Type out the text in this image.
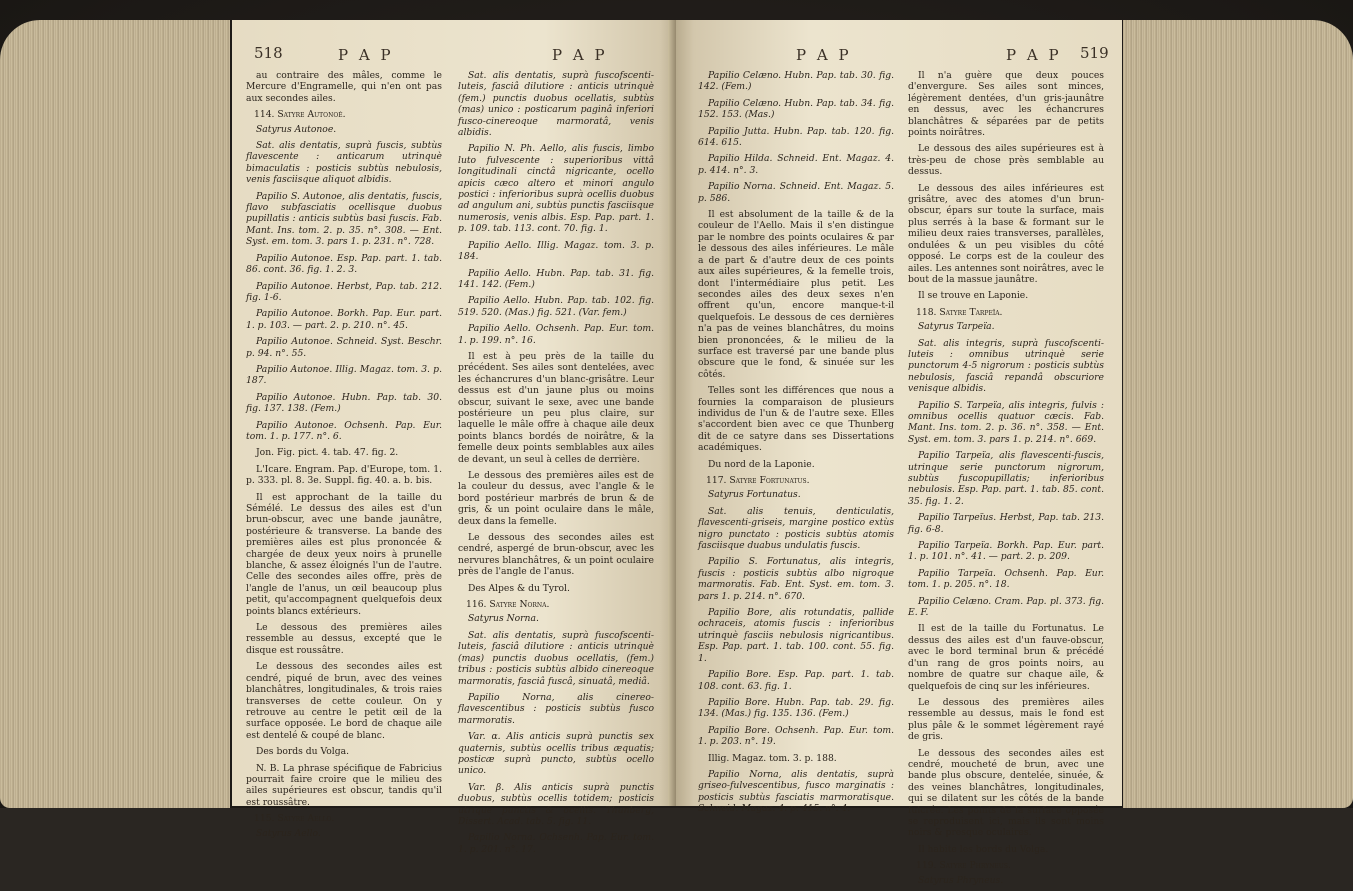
518	P A P	P A P

au contraire des mâles, comme le Mercure d'Engramelle, qui n'en ont pas aux secondes ailes.

114. Satyre Autonoé.

Satyrus Autonoe.

Sat. alis dentatis, suprà fuscis, subtùs flavescente : anticarum utrinquè bimaculatis : posticis subtùs nebulosis, venis fasciisque aliquot albidis.

Papilio S. Autonoe, alis dentatis, fuscis, flavo subfasciatis ocellisque duobus pupillatis : anticis subtùs basi fuscis. Fab. Mant. Ins. tom. 2. p. 35. n°. 308. — Ent. Syst. em. tom. 3. pars 1. p. 231. n°. 728.

Papilio Autonoe. Esp. Pap. part. 1. tab. 86. cont. 36. fig. 1. 2. 3.

Papilio Autonoe. Herbst, Pap. tab. 212. fig. 1-6.

Papilio Autonoe. Borkh. Pap. Eur. part. 1. p. 103. — part. 2. p. 210. n°. 45.

Papilio Autonoe. Schneid. Syst. Beschr. p. 94. n°. 55.

Papilio Autonoe. Illig. Magaz. tom. 3. p. 187.

Papilio Autonoe. Hubn. Pap. tab. 30. fig. 137. 138. (Fem.)

Papilio Autonoe. Ochsenh. Pap. Eur. tom. 1. p. 177. n°. 6.

Jon. Fig. pict. 4. tab. 47. fig. 2.

L'Icare. Engram. Pap. d'Europe, tom. 1. p. 333. pl. 8. 3e. Suppl. fig. 40. a. b. bis.

Il est approchant de la taille du Sémélé. Le dessus des ailes est d'un brun-obscur, avec une bande jaunâtre, postérieure & transverse. La bande des premières ailes est plus prononcée & chargée de deux yeux noirs à prunelle blanche, & assez éloignés l'un de l'autre. Celle des secondes ailes offre, près de l'angle de l'anus, un œil beaucoup plus petit, qu'accompagnent quelquefois deux points blancs extérieurs.

Le dessous des premières ailes ressemble au dessus, excepté que le disque est roussâtre.

Le dessous des secondes ailes est cendré, piqué de brun, avec des veines blanchâtres, longitudinales, & trois raies transverses de cette couleur. On y retrouve au centre le petit œil de la surface opposée. Le bord de chaque aile est dentelé & coupé de blanc.

Des bords du Volga.

N. B. La phrase spécifique de Fabricius pourrait faire croire que le milieu des ailes supérieures est obscur, tandis qu'il est roussâtre.

115. Satyre Aello.

Satyrus Aello.

Sat. alis dentatis, suprà fuscofscenti-luteis, fasciâ dilutiore : anticis utrinquè (fem.) punctis duobus ocellatis, subtùs (mas) unico : posticarum paginâ inferiori fusco-cinereoque marmoratâ, venis albidis.

Papilio N. Ph. Aello, alis fuscis, limbo luto fulvescente : superioribus vittâ longitudinali cinctâ nigricante, ocello apicis cæco altero et minori angulo postici : inferioribus suprà ocellis duobus ad angulum ani, subtùs punctis fasciisque numerosis, venis albis. Esp. Pap. part. 1. p. 109. tab. 113. cont. 70. fig. 1.

Papilio Aello. Illig. Magaz. tom. 3. p. 184.

Papilio Aello. Hubn. Pap. tab. 31. fig. 141. 142. (Fem.)

Papilio Aello. Hubn. Pap. tab. 102. fig. 519. 520. (Mas.) fig. 521. (Var. fem.)

Papilio Aello. Ochsenh. Pap. Eur. tom. 1. p. 199. n°. 16.

Il est à peu près de la taille du précédent. Ses ailes sont dentelées, avec les échancrures d'un blanc-grisâtre. Leur dessus est d'un jaune plus ou moins obscur, suivant le sexe, avec une bande postérieure un peu plus claire, sur laquelle le mâle offre à chaque aile deux points blancs bordés de noirâtre, & la femelle deux points semblables aux ailes de devant, un seul à celles de derrière.

Le dessous des premières ailes est de la couleur du dessus, avec l'angle & le bord postérieur marbrés de brun & de gris, & un point oculaire dans le mâle, deux dans la femelle.

Le dessous des secondes ailes est cendré, aspergé de brun-obscur, avec les nervures blanchâtres, & un point oculaire près de l'angle de l'anus.

Des Alpes & du Tyrol.

116. Satyre Norna.

Satyrus Norna.

Sat. alis dentatis, suprà fuscofscenti-luteis, fasciâ dilutiore : anticis utrinquè (mas) punctis duobus ocellatis, (fem.) tribus : posticis subtùs albido cinereoque marmoratis, fasciâ fuscâ, sinuatâ, mediâ.

Papilio Norna, alis cinereo-flavescentibus : posticis subtùs fusco marmoratis.

Var. α. Alis anticis suprà punctis sex quaternis, subtùs ocellis tribus æquatis; posticæ suprà puncto, subtùs ocello unico.

Var. β. Alis anticis suprà punctis duobus, subtùs ocellis totidem; posticis utrique punctis & ocellis. Thunberg, Dissert. Acad. tab. 5. fig. 11.

Papilio Norna. Ochsenh. Pap. Eur. tom. 1. p. 201. n°. 17.

P A P	P A P 519

Papilio Celæno. Hubn. Pap. tab. 30. fig. 142. (Fem.)

Papilio Celæno. Hubn. Pap. tab. 34. fig. 152. 153. (Mas.)

Papilio Jutta. Hubn. Pap. tab. 120. fig. 614. 615.

Papilio Hilda. Schneid. Ent. Magaz. 4. p. 414. n°. 3.

Papilio Norna. Schneid. Ent. Magaz. 5. p. 586.

Il est absolument de la taille & de la couleur de l'Aello. Mais il s'en distingue par le nombre des points oculaires & par le dessous des ailes inférieures. Le mâle a de part & d'autre deux de ces points aux ailes supérieures, & la femelle trois, dont l'intermédiaire plus petit. Les secondes ailes des deux sexes n'en offrent qu'un, encore manque-t-il quelquefois. Le dessous de ces dernières n'a pas de veines blanchâtres, du moins bien prononcées, & le milieu de la surface est traversé par une bande plus obscure que le fond, & sinuée sur les côtés.

Telles sont les différences que nous a fournies la comparaison de plusieurs individus de l'un & de l'autre sexe. Elles s'accordent bien avec ce que Thunberg dit de ce satyre dans ses Dissertations académiques.

Du nord de la Laponie.

117. Satyre Fortunatus.

Satyrus Fortunatus.

Sat. alis tenuis, denticulatis, flavescenti-griseis, margine postico extùs nigro punctato : posticis subtùs atomis fasciisque duabus undulatis fuscis.

Papilio S. Fortunatus, alis integris, fuscis : posticis subtùs albo nigroque marmoratis. Fab. Ent. Syst. em. tom. 3. pars 1. p. 214. n°. 670.

Papilio Bore, alis rotundatis, pallide ochraceis, atomis fuscis : inferioribus utrinquè fasciis nebulosis nigricantibus. Esp. Pap. part. 1. tab. 100. cont. 55. fig. 1.

Papilio Bore. Esp. Pap. part. 1. tab. 108. cont. 63. fig. 1.

Papilio Bore. Hubn. Pap. tab. 29. fig. 134. (Mas.) fig. 135. 136. (Fem.)

Papilio Bore. Ochsenh. Pap. Eur. tom. 1. p. 203. n°. 19.

Illig. Magaz. tom. 3. p. 188.

Papilio Norna, alis dentatis, suprà griseo-fulvescentibus, fusco marginatis : posticis subtùs fasciatis marmoratisque. Schneid. Magaz. 4. p. 415. n°. 4.

Il n'a guère que deux pouces d'envergure. Ses ailes sont minces, légèrement dentées, d'un gris-jaunâtre en dessus, avec les échancrures blanchâtres & séparées par de petits points noirâtres.

Le dessous des ailes supérieures est à très-peu de chose près semblable au dessus.

Le dessous des ailes inférieures est grisâtre, avec des atomes d'un brun-obscur, épars sur toute la surface, mais plus serrés à la base & formant sur le milieu deux raies transverses, parallèles, ondulées & un peu visibles du côté opposé. Le corps est de la couleur des ailes. Les antennes sont noirâtres, avec le bout de la massue jaunâtre.

Il se trouve en Laponie.

118. Satyre Tarpeïa.

Satyrus Tarpeïa.

Sat. alis integris, suprà fuscofscenti-luteis : omnibus utrinquè serie punctorum 4-5 nigrorum : posticis subtùs nebulosis, fasciâ repandâ obscuriore venisque albidis.

Papilio S. Tarpeïa, alis integris, fulvis : omnibus ocellis quatuor cæcis. Fab. Mant. Ins. tom. 2. p. 36. n°. 358. — Ent. Syst. em. tom. 3. pars 1. p. 214. n°. 669.

Papilio Tarpeïa, alis flavescenti-fuscis, utrinque serie punctorum nigrorum, subtùs fuscopupillatis; inferioribus nebulosis. Esp. Pap. part. 1. tab. 85. cont. 35. fig. 1. 2.

Papilio Tarpeïus. Herbst, Pap. tab. 213. fig. 6-8.

Papilio Tarpeïa. Borkh. Pap. Eur. part. 1. p. 101. n°. 41. — part. 2. p. 209.

Papilio Tarpeïa. Ochsenh. Pap. Eur. tom. 1. p. 205. n°. 18.

Papilio Celæno. Cram. Pap. pl. 373. fig. E. F.

Il est de la taille du Fortunatus. Le dessus des ailes est d'un fauve-obscur, avec le bord terminal brun & précédé d'un rang de gros points noirs, au nombre de quatre sur chaque aile, & quelquefois de cinq sur les inférieures.

Le dessous des premières ailes ressemble au dessus, mais le fond est plus pâle & le sommet légèrement rayé de gris.

Le dessous des secondes ailes est cendré, moucheté de brun, avec une bande plus obscure, dentelée, sinuée, & des veines blanchâtres, longitudinales, qui se dilatent sur les côtés de la bande fulcrée. Les points de la surface opposée se reproduisent ici, mais ils sont moins noirs & presque oculaires.

Il habite les bords du Volga.

119. Satyre Phryneus.

Satyrus Phryneus.
